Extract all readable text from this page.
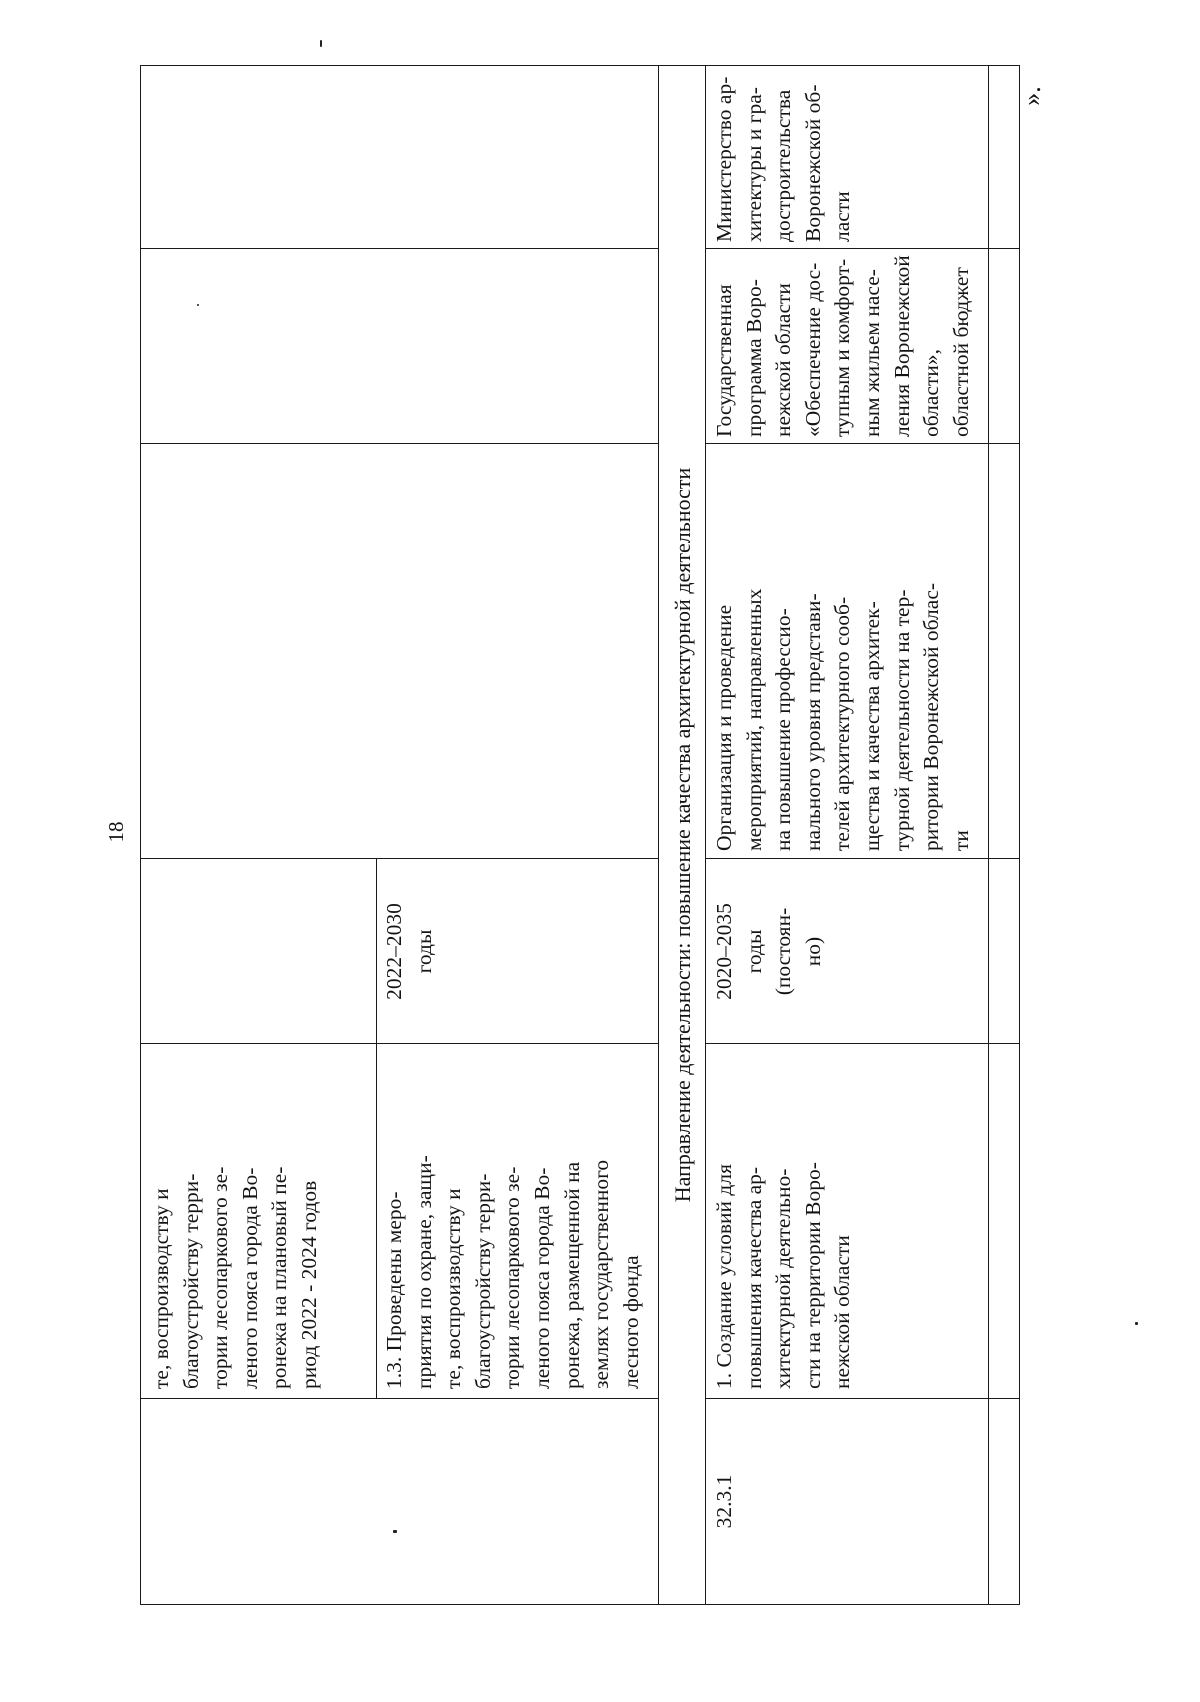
18
».
те, воспроизводству и благоустройству терри- тории лесопаркового зе- леного пояса города Во- ронежа на плановый пе- риод 2022 - 2024 годов	1.3. Проведены меро- приятия по охране, защи- те, воспроизводству и благоустройству терри- тории лесопаркового зе- леного пояса города Во- ронежа, размещенной на землях государственного лесного фонда
2022–2030 годы	Направление деятельности: повышение качества архитектурной деятельности
32.3.1
1. Создание условий для повышения качества ар- хитектурной деятельно- сти на территории Воро- нежской области
2020–2035 годы (постоян- но)
Организация и проведение мероприятий, направленных на повышение профессио- нального уровня представи- телей архитектурного сооб- щества и качества архитек- турной деятельности на тер- ритории Воронежской облас- ти
Государственная программа Воро- нежской области «Обеспечение дос- тупным и комфорт- ным жильем насе- ления Воронежской области», областной бюджет
Министерство ар- хитектуры и гра- достроительства Воронежской об- ласти
